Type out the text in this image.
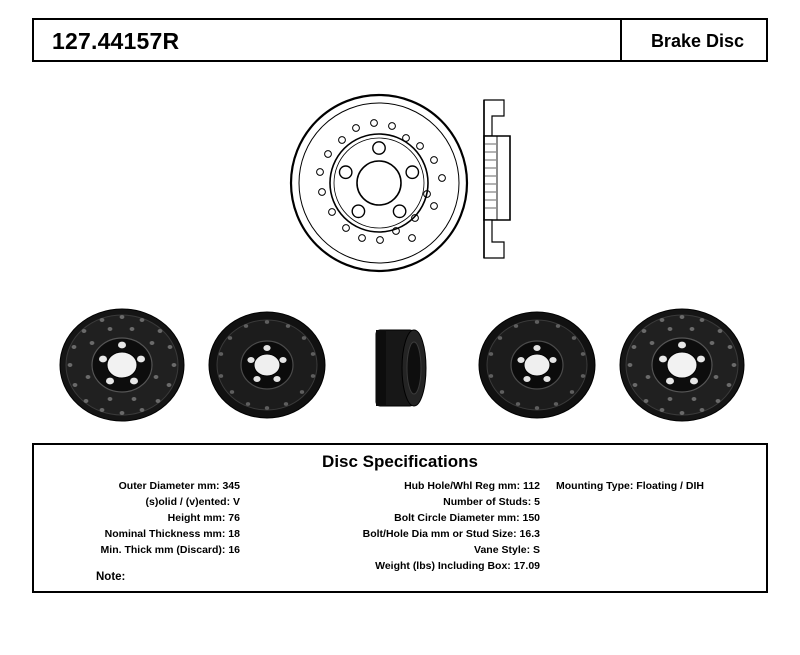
127.44157R	Brake Disc
Disc Specifications
Outer Diameter mm: 345
(s)olid / (v)ented: V
Height mm: 76
Nominal Thickness mm: 18
Min. Thick mm (Discard): 16
Hub Hole/Whl Reg mm: 112
Number of Studs: 5
Bolt Circle Diameter mm: 150
Bolt/Hole Dia mm or Stud Size: 16.3
Vane Style: S
Weight (lbs) Including Box: 17.09
Mounting Type: Floating / DIH
Note:
